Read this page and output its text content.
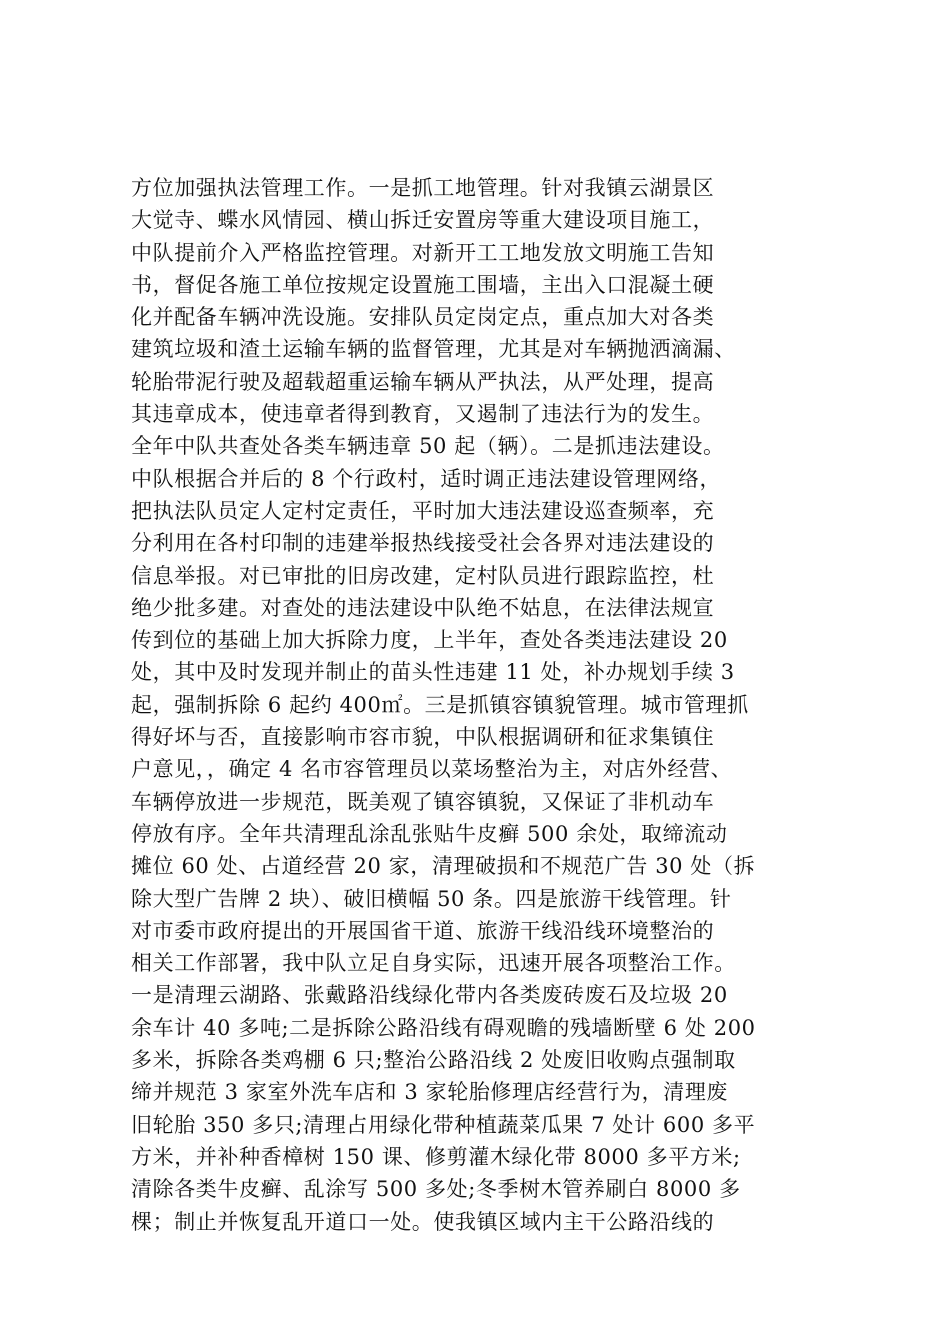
方位加强执法管理工作。一是抓工地管理。针对我镇云湖景区
大觉寺、蝶水风情园、横山拆迁安置房等重大建设项目施工，
中队提前介入严格监控管理。对新开工工地发放文明施工告知
书，督促各施工单位按规定设置施工围墙，主出入口混凝土硬
化并配备车辆冲洗设施。安排队员定岗定点，重点加大对各类
建筑垃圾和渣土运输车辆的监督管理，尤其是对车辆抛洒滴漏、
轮胎带泥行驶及超载超重运输车辆从严执法，从严处理，提高
其违章成本，使违章者得到教育，又遏制了违法行为的发生。
全年中队共查处各类车辆违章 50 起（辆）。二是抓违法建设。
中队根据合并后的 8 个行政村，适时调正违法建设管理网络，
把执法队员定人定村定责任，平时加大违法建设巡查频率，充
分利用在各村印制的违建举报热线接受社会各界对违法建设的
信息举报。对已审批的旧房改建，定村队员进行跟踪监控，杜
绝少批多建。对查处的违法建设中队绝不姑息，在法律法规宣
传到位的基础上加大拆除力度，上半年，查处各类违法建设 20
处，其中及时发现并制止的苗头性违建 11 处，补办规划手续 3
起，强制拆除 6 起约 400㎡。三是抓镇容镇貌管理。城市管理抓
得好坏与否，直接影响市容市貌，中队根据调研和征求集镇住
户意见，，确定 4 名市容管理员以菜场整治为主，对店外经营、
车辆停放进一步规范，既美观了镇容镇貌，又保证了非机动车
停放有序。全年共清理乱涂乱张贴牛皮癣 500 余处，取缔流动
摊位 60 处、占道经营 20 家，清理破损和不规范广告 30 处（拆
除大型广告牌 2 块）、破旧横幅 50 条。四是旅游干线管理。针
对市委市政府提出的开展国省干道、旅游干线沿线环境整治的
相关工作部署，我中队立足自身实际，迅速开展各项整治工作。
一是清理云湖路、张戴路沿线绿化带内各类废砖废石及垃圾 20
余车计 40 多吨;二是拆除公路沿线有碍观瞻的残墙断壁 6 处 200
多米，拆除各类鸡棚 6 只;整治公路沿线 2 处废旧收购点强制取
缔并规范 3 家室外洗车店和 3 家轮胎修理店经营行为，清理废
旧轮胎 350 多只;清理占用绿化带种植蔬菜瓜果 7 处计 600 多平
方米，并补种香樟树 150 课、修剪灌木绿化带 8000 多平方米;
清除各类牛皮癣、乱涂写 500 多处;冬季树木管养刷白 8000 多
棵；制止并恢复乱开道口一处。使我镇区域内主干公路沿线的
